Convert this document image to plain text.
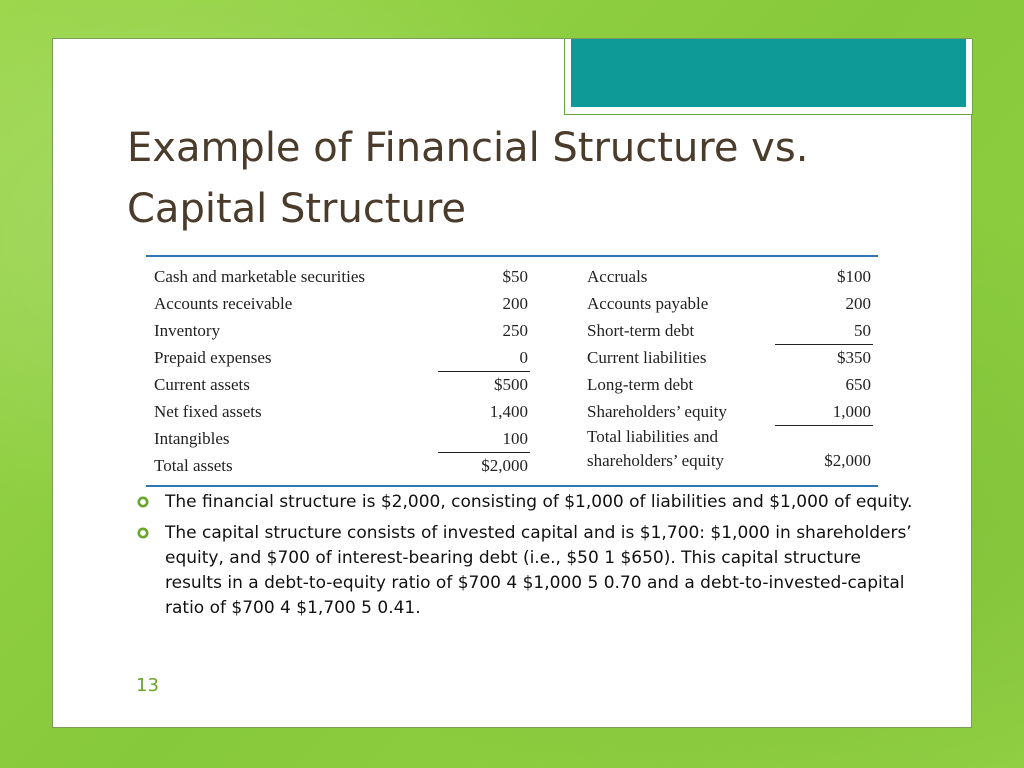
Example of Financial Structure vs.
Capital Structure
Cash and marketable securities	$50
Accounts receivable	200
Inventory	250
Prepaid expenses	0
Current assets	$500
Net fixed assets	1,400
Intangibles	100
Total assets	$2,000
Accruals	$100
Accounts payable	200
Short-term debt	50
Current liabilities	$350
Long-term debt	650
Shareholders’ equity	1,000
Total liabilities and
shareholders’ equity	$2,000
The financial structure is $2,000, consisting of $1,000 of liabilities and $1,000 of equity.
The capital structure consists of invested capital and is $1,700: $1,000 in shareholders’ equity, and $700 of interest-bearing debt (i.e., $50 1 $650). This capital structure results in a debt-to-equity ratio of $700 4 $1,000 5 0.70 and a debt-to-invested-capital ratio of $700 4 $1,700 5 0.41.
13
